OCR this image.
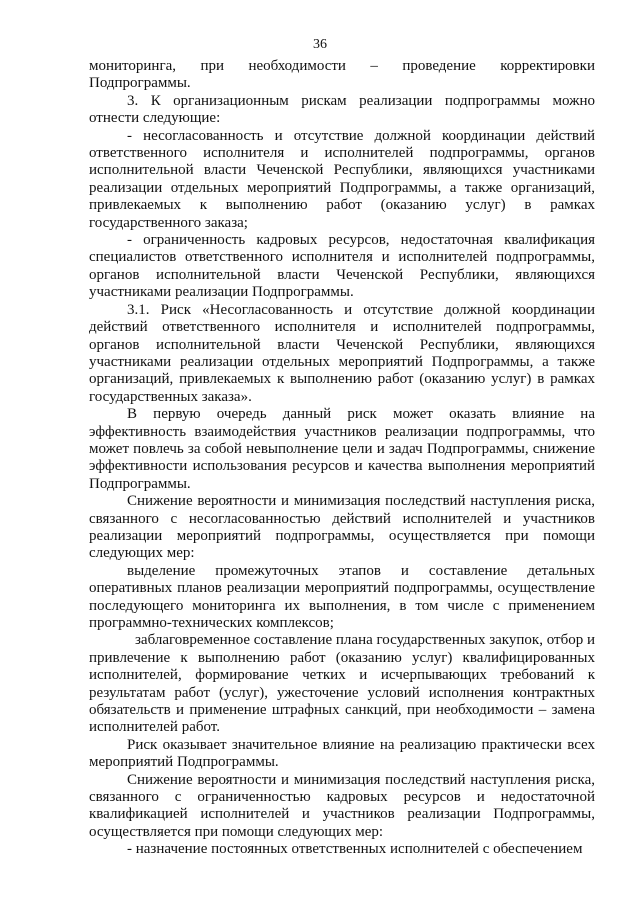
36

мониторинга, при необходимости – проведение корректировки Подпрограммы.

3. К организационным рискам реализации подпрограммы можно отнести следующие:

- несогласованность и отсутствие должной координации действий ответственного исполнителя и исполнителей подпрограммы, органов исполнительной власти Чеченской Республики, являющихся участниками реализации отдельных мероприятий Подпрограммы, а также организаций, привлекаемых к выполнению работ (оказанию услуг) в рамках государственного заказа;

- ограниченность кадровых ресурсов, недостаточная квалификация специалистов ответственного исполнителя и исполнителей подпрограммы, органов исполнительной власти Чеченской Республики, являющихся участниками реализации Подпрограммы.

3.1. Риск «Несогласованность и отсутствие должной координации действий ответственного исполнителя и исполнителей подпрограммы, органов исполнительной власти Чеченской Республики, являющихся участниками реализации отдельных мероприятий Подпрограммы, а также организаций, привлекаемых к выполнению работ (оказанию услуг) в рамках государственных заказа».

В первую очередь данный риск может оказать влияние на эффективность взаимодействия участников реализации подпрограммы, что может повлечь за собой невыполнение цели и задач Подпрограммы, снижение эффективности использования ресурсов и качества выполнения мероприятий Подпрограммы.

Снижение вероятности и минимизация последствий наступления риска, связанного с несогласованностью действий исполнителей и участников реализации мероприятий подпрограммы, осуществляется при помощи следующих мер:

выделение промежуточных этапов и составление детальных оперативных планов реализации мероприятий подпрограммы, осуществление последующего мониторинга их выполнения, в том числе с применением программно-технических комплексов;

заблаговременное составление плана государственных закупок, отбор и привлечение к выполнению работ (оказанию услуг) квалифицированных исполнителей, формирование четких и исчерпывающих требований к результатам работ (услуг), ужесточение условий исполнения контрактных обязательств и применение штрафных санкций, при необходимости – замена исполнителей работ.

Риск оказывает значительное влияние на реализацию практически всех мероприятий Подпрограммы.

Снижение вероятности и минимизация последствий наступления риска, связанного с ограниченностью кадровых ресурсов и недостаточной квалификацией исполнителей и участников реализации Подпрограммы, осуществляется при помощи следующих мер:

- назначение постоянных ответственных исполнителей с обеспечением
